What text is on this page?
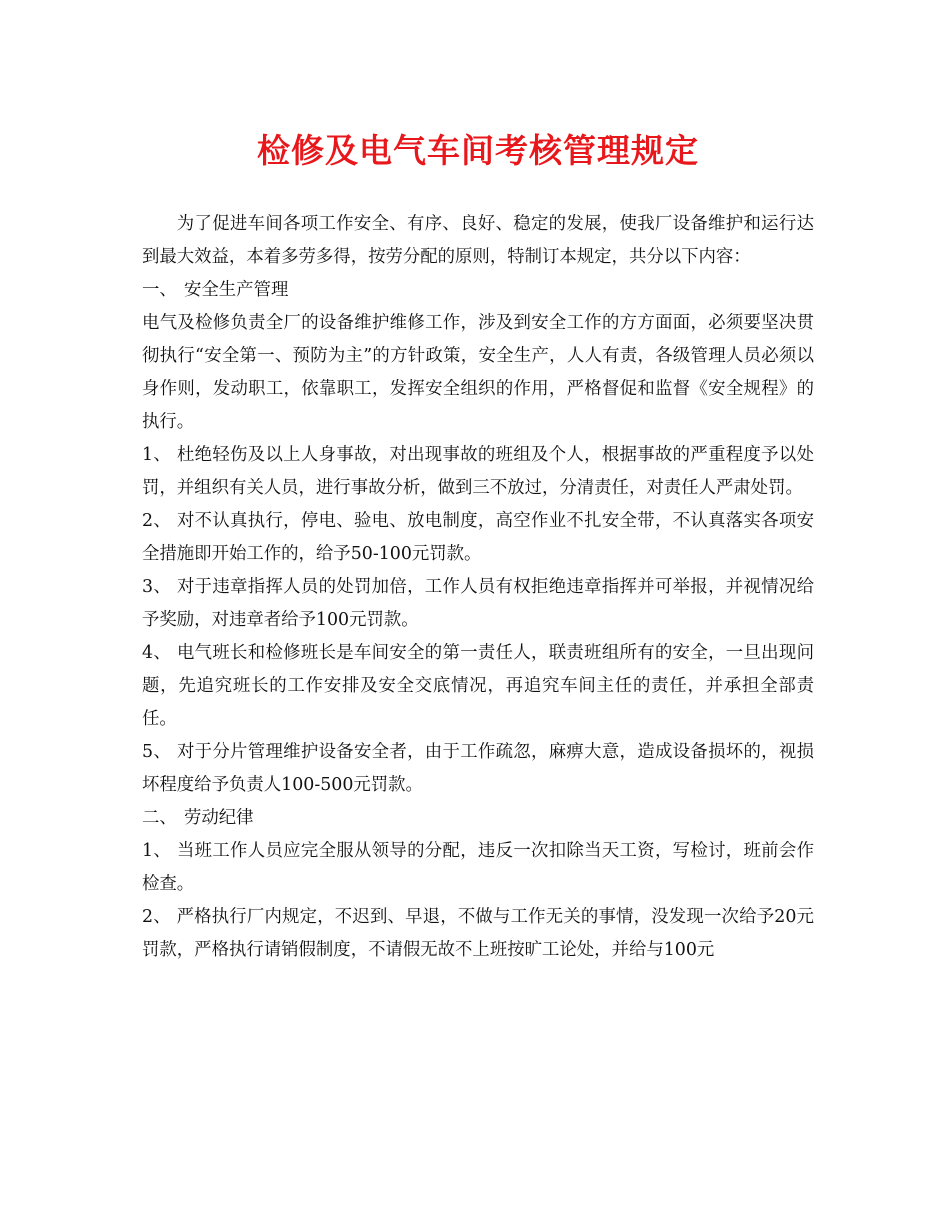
检修及电气车间考核管理规定

为了促进车间各项工作安全、有序、良好、稳定的发展，使我厂设备维护和运行达到最大效益，本着多劳多得，按劳分配的原则，特制订本规定，共分以下内容：

一、 安全生产管理

电气及检修负责全厂的设备维护维修工作，涉及到安全工作的方方面面，必须要坚决贯彻执行“安全第一、预防为主”的方针政策，安全生产，人人有责，各级管理人员必须以身作则，发动职工，依靠职工，发挥安全组织的作用，严格督促和监督《安全规程》的执行。

1、 杜绝轻伤及以上人身事故，对出现事故的班组及个人，根据事故的严重程度予以处罚，并组织有关人员，进行事故分析，做到三不放过，分清责任，对责任人严肃处罚。

2、 对不认真执行，停电、验电、放电制度，高空作业不扎安全带，不认真落实各项安全措施即开始工作的，给予50-100元罚款。

3、 对于违章指挥人员的处罚加倍，工作人员有权拒绝违章指挥并可举报，并视情况给予奖励，对违章者给予100元罚款。

4、 电气班长和检修班长是车间安全的第一责任人，联责班组所有的安全，一旦出现问题，先追究班长的工作安排及安全交底情况，再追究车间主任的责任，并承担全部责任。

5、 对于分片管理维护设备安全者，由于工作疏忽，麻痹大意，造成设备损坏的，视损坏程度给予负责人100-500元罚款。

二、 劳动纪律

1、 当班工作人员应完全服从领导的分配，违反一次扣除当天工资，写检讨，班前会作检查。

2、 严格执行厂内规定，不迟到、早退，不做与工作无关的事情，没发现一次给予20元罚款，严格执行请销假制度，不请假无故不上班按旷工论处，并给与100元
